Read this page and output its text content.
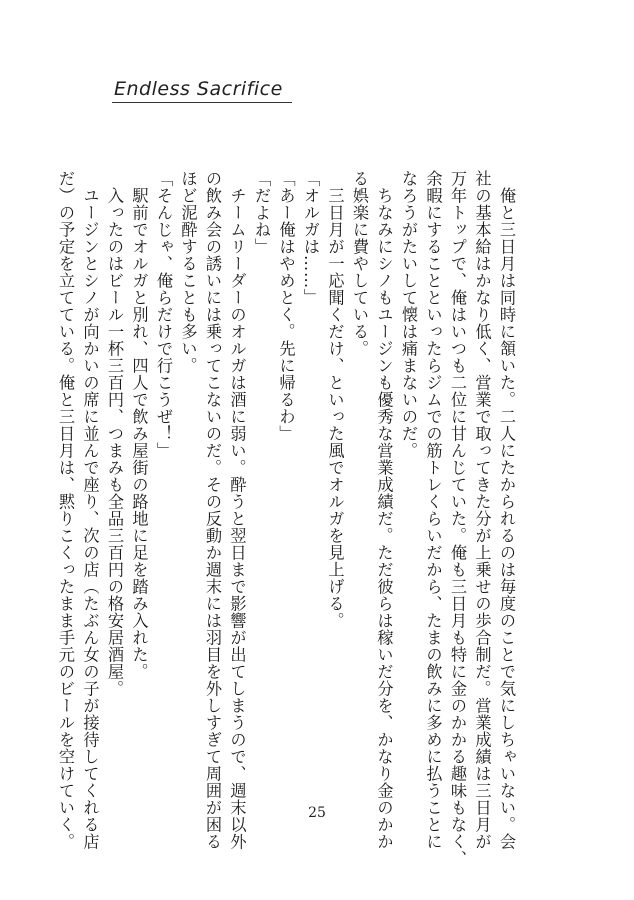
Endless Sacrifice

　俺と三日月は同時に頷いた。二人にたかられるのは毎度のことで気にしちゃいない。会

社の基本給はかなり低く、営業で取ってきた分が上乗せの歩合制だ。営業成績は三日月が

万年トップで、俺はいつも二位に甘んじていた。俺も三日月も特に金のかかる趣味もなく、

余暇にすることといったらジムでの筋トレくらいだから、たまの飲みに多めに払うことに

なろうがたいして懐は痛まないのだ。

　ちなみにシノもユージンも優秀な営業成績だ。ただ彼らは稼いだ分を、かなり金のかか

る娯楽に費やしている。

　三日月が一応聞くだけ、といった風でオルガを見上げる。

「オルガは……」

「あー俺はやめとく。先に帰るわ」

「だよね」

　チームリーダーのオルガは酒に弱い。酔うと翌日まで影響が出てしまうので、週末以外

の飲み会の誘いには乗ってこないのだ。その反動か週末には羽目を外しすぎて周囲が困る

ほど泥酔することも多い。

「そんじゃ、俺らだけで行こうぜ！」

　駅前でオルガと別れ、四人で飲み屋街の路地に足を踏み入れた。

　入ったのはビール一杯三百円、つまみも全品三百円の格安居酒屋。

　ユージンとシノが向かいの席に並んで座り、次の店（たぶん女の子が接待してくれる店

だ）の予定を立てている。俺と三日月は、黙りこくったまま手元のビールを空けていく。	25
